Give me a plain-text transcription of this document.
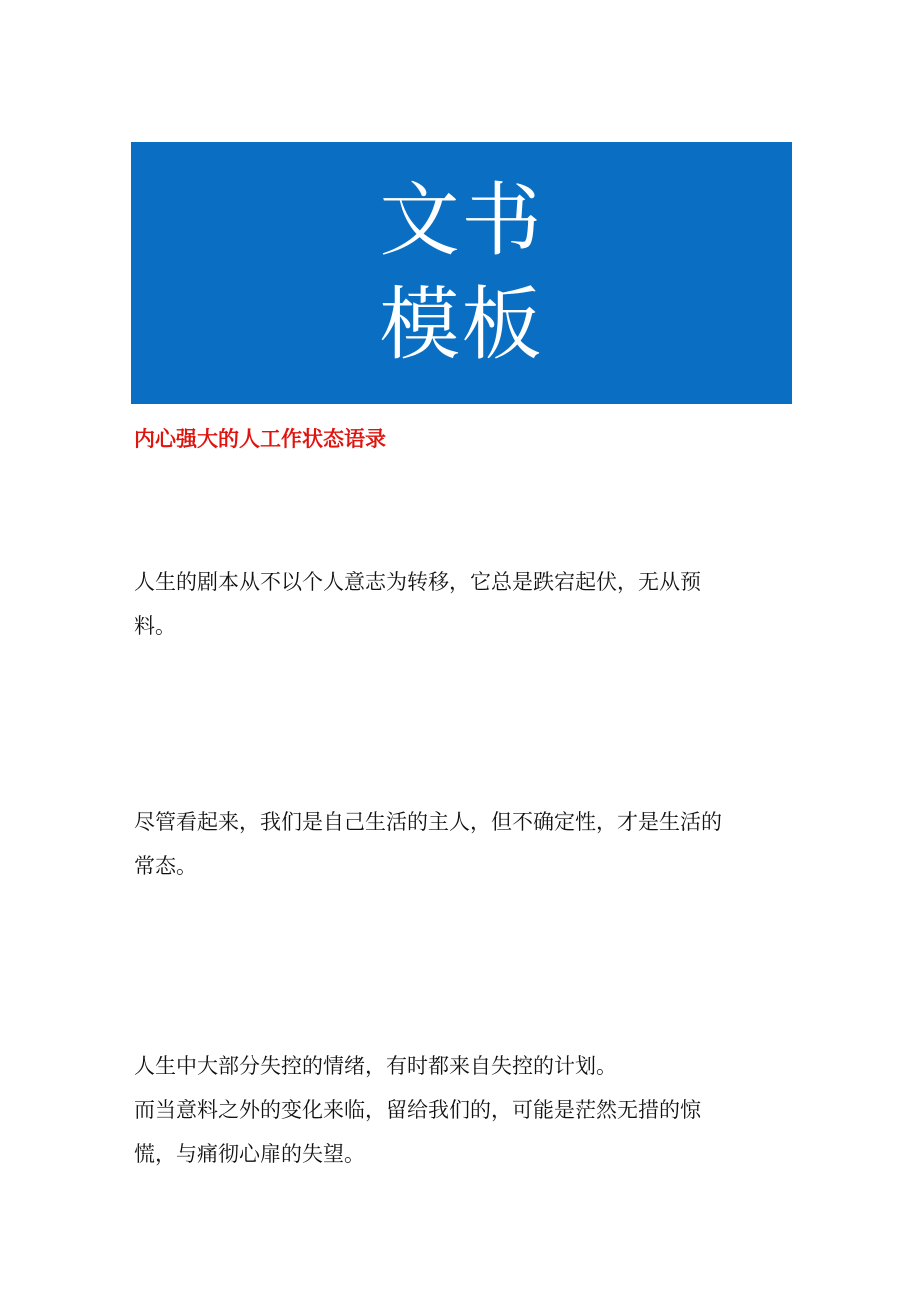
文书
模板
内心强大的人工作状态语录
人生的剧本从不以个人意志为转移，它总是跌宕起伏，无从预
料。
尽管看起来，我们是自己生活的主人，但不确定性，才是生活的
常态。
人生中大部分失控的情绪，有时都来自失控的计划。
而当意料之外的变化来临，留给我们的，可能是茫然无措的惊
慌，与痛彻心扉的失望。
